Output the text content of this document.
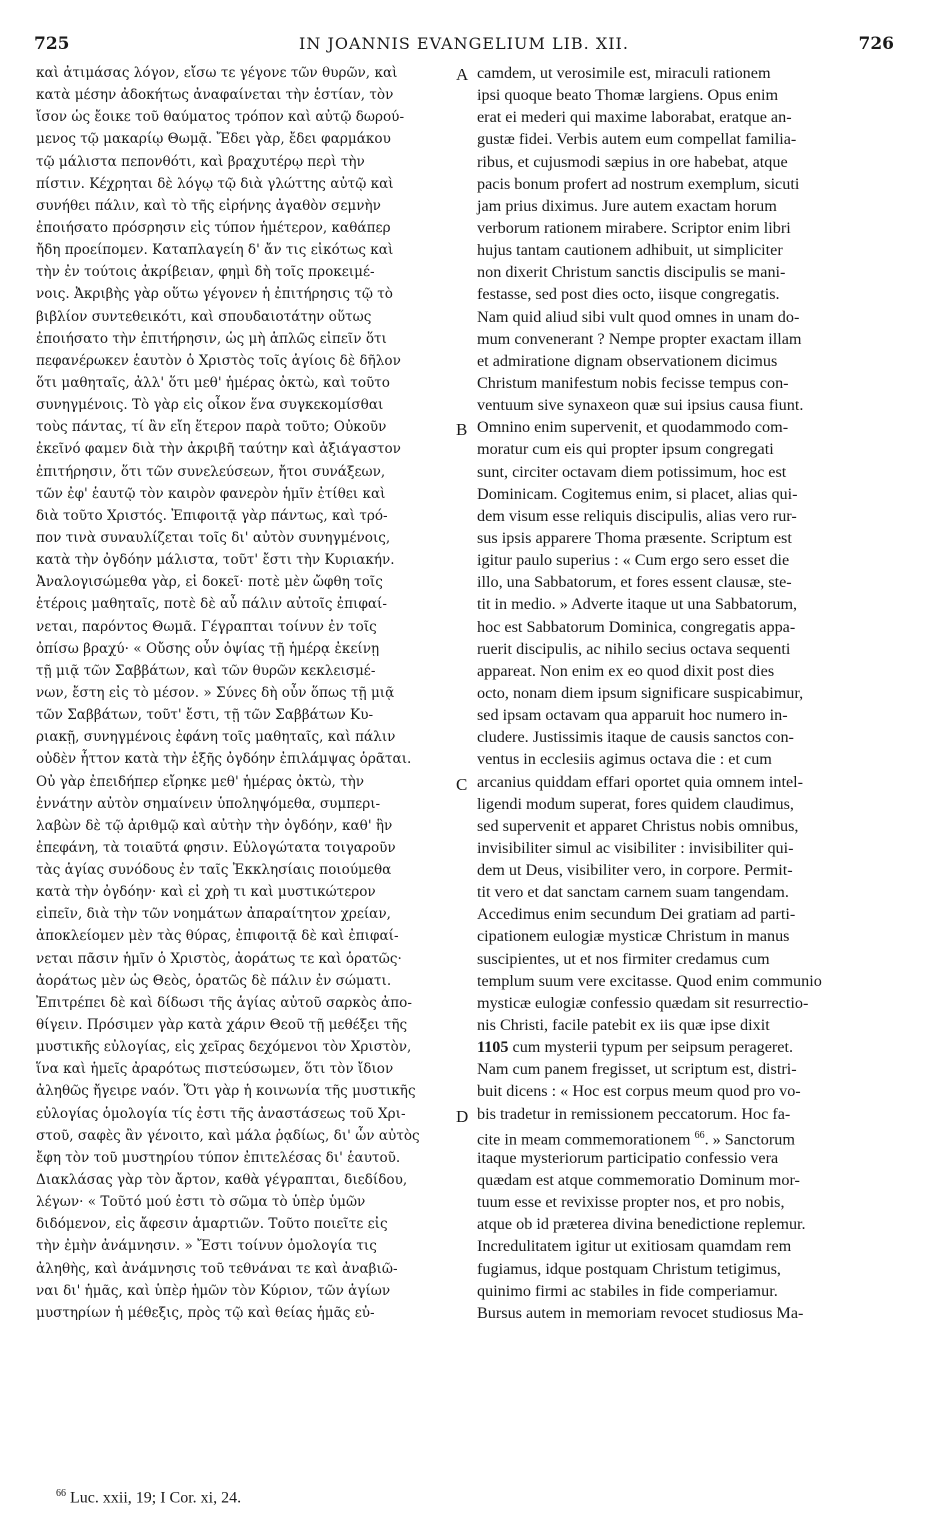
725	IN JOANNIS EVANGELIUM LIB. XII.	726
καὶ ἀτιμάσας λόγον, εἴσω τε γέγονε τῶν θυρῶν, καὶ
κατὰ μέσην ἀδοκήτως ἀναφαίνεται τὴν ἑστίαν, τὸν
ἴσον ὡς ἔοικε τοῦ θαύματος τρόπον καὶ αὐτῷ δωρού-
μενος τῷ μακαρίῳ Θωμᾷ. Ἔδει γὰρ, ἔδει φαρμάκου
τῷ μάλιστα πεπονθότι, καὶ βραχυτέρῳ περὶ τὴν
πίστιν. Κέχρηται δὲ λόγῳ τῷ διὰ γλώττης αὐτῷ καὶ
συνήθει πάλιν, καὶ τὸ τῆς εἰρήνης ἀγαθὸν σεμνὴν
ἐποιήσατο πρόσρησιν εἰς τύπον ἡμέτερον, καθάπερ
ἤδη προείπομεν. Καταπλαγείη δ' ἄν τις εἰκότως καὶ
τὴν ἐν τούτοις ἀκρίβειαν, φημὶ δὴ τοῖς προκειμέ-
νοις. Ἀκριβὴς γὰρ οὕτω γέγονεν ἡ ἐπιτήρησις τῷ τὸ
βιβλίον συντεθεικότι, καὶ σπουδαιοτάτην οὕτως
ἐποιήσατο τὴν ἐπιτήρησιν, ὡς μὴ ἁπλῶς εἰπεῖν ὅτι
πεφανέρωκεν ἑαυτὸν ὁ Χριστὸς τοῖς ἁγίοις δὲ δῆλον
ὅτι μαθηταῖς, ἀλλ' ὅτι μεθ' ἡμέρας ὀκτὼ, καὶ τοῦτο
συνηγμένοις. Τὸ γὰρ εἰς οἶκον ἕνα συγκεκομίσθαι
τοὺς πάντας, τί ἂν εἴη ἕτερον παρὰ τοῦτο; Οὐκοῦν
ἐκεῖνό φαμεν διὰ τὴν ἀκριβῆ ταύτην καὶ ἀξιάγαστον
ἐπιτήρησιν, ὅτι τῶν συνελεύσεων, ἤτοι συνάξεων,
τῶν ἐφ' ἑαυτῷ τὸν καιρὸν φανερὸν ἡμῖν ἐτίθει καὶ
διὰ τοῦτο Χριστός. Ἐπιφοιτᾷ γὰρ πάντως, καὶ τρό-
πον τινὰ συναυλίζεται τοῖς δι' αὐτὸν συνηγμένοις,
κατὰ τὴν ὀγδόην μάλιστα, τοῦτ' ἔστι τὴν Κυριακήν.
Ἀναλογισώμεθα γὰρ, εἰ δοκεῖ· ποτὲ μὲν ὤφθη τοῖς
ἑτέροις μαθηταῖς, ποτὲ δὲ αὖ πάλιν αὐτοῖς ἐπιφαί-
νεται, παρόντος Θωμᾶ. Γέγραπται τοίνυν ἐν τοῖς
ὀπίσω βραχύ· « Οὔσης οὖν ὀψίας τῇ ἡμέρᾳ ἐκείνῃ
τῇ μιᾷ τῶν Σαββάτων, καὶ τῶν θυρῶν κεκλεισμέ-
νων, ἔστη εἰς τὸ μέσον. » Σύνες δὴ οὖν ὅπως τῇ μιᾷ
τῶν Σαββάτων, τοῦτ' ἔστι, τῇ τῶν Σαββάτων Κυ-
ριακῇ, συνηγμένοις ἐφάνη τοῖς μαθηταῖς, καὶ πάλιν
οὐδὲν ἧττον κατὰ τὴν ἑξῆς ὀγδόην ἐπιλάμψας ὁρᾶται.
Οὐ γὰρ ἐπειδήπερ εἴρηκε μεθ' ἡμέρας ὀκτὼ, τὴν
ἐννάτην αὐτὸν σημαίνειν ὑποληψόμεθα, συμπερι-
λαβὼν δὲ τῷ ἀριθμῷ καὶ αὐτὴν τὴν ὀγδόην, καθ' ἣν
ἐπεφάνη, τὰ τοιαῦτά φησιν. Εὐλογώτατα τοιγαροῦν
τὰς ἁγίας συνόδους ἐν ταῖς Ἐκκλησίαις ποιούμεθα
κατὰ τὴν ὀγδόην· καὶ εἰ χρὴ τι καὶ μυστικώτερον
εἰπεῖν, διὰ τὴν τῶν νοημάτων ἀπαραίτητον χρείαν,
ἀποκλείομεν μὲν τὰς θύρας, ἐπιφοιτᾷ δὲ καὶ ἐπιφαί-
νεται πᾶσιν ἡμῖν ὁ Χριστὸς, ἀοράτως τε καὶ ὁρατῶς·
ἀοράτως μὲν ὡς Θεὸς, ὁρατῶς δὲ πάλιν ἐν σώματι.
Ἐπιτρέπει δὲ καὶ δίδωσι τῆς ἁγίας αὐτοῦ σαρκὸς ἀπο-
θίγειν. Πρόσιμεν γὰρ κατὰ χάριν Θεοῦ τῇ μεθέξει τῆς
μυστικῆς εὐλογίας, εἰς χεῖρας δεχόμενοι τὸν Χριστὸν,
ἵνα καὶ ἡμεῖς ἀραρότως πιστεύσωμεν, ὅτι τὸν ἴδιον
ἀληθῶς ἤγειρε ναόν. Ὅτι γὰρ ἡ κοινωνία τῆς μυστικῆς
εὐλογίας ὁμολογία τίς ἐστι τῆς ἀναστάσεως τοῦ Χρι-
στοῦ, σαφὲς ἂν γένοιτο, καὶ μάλα ῥᾳδίως, δι' ὧν αὐτὸς
ἔφη τὸν τοῦ μυστηρίου τύπον ἐπιτελέσας δι' ἑαυτοῦ.
Διακλάσας γὰρ τὸν ἄρτον, καθὰ γέγραπται, διεδίδου,
λέγων· « Τοῦτό μού ἐστι τὸ σῶμα τὸ ὑπὲρ ὑμῶν
διδόμενον, εἰς ἄφεσιν ἁμαρτιῶν. Τοῦτο ποιεῖτε εἰς
τὴν ἐμὴν ἀνάμνησιν. » Ἔστι τοίνυν ὁμολογία τις
ἀληθὴς, καὶ ἀνάμνησις τοῦ τεθνάναι τε καὶ ἀναβιῶ-
ναι δι' ἡμᾶς, καὶ ὑπὲρ ἡμῶν τὸν Κύριον, τῶν ἁγίων
μυστηρίων ἡ μέθεξις, πρὸς τῷ καὶ θείας ἡμᾶς εὐ-
camdem, ut verosimile est, miraculi rationem
ipsi quoque beato Thomæ largiens. Opus enim
erat ei mederi qui maxime laborabat, eratque an-
gustæ fidei. Verbis autem eum compellat familia-
ribus, et cujusmodi sæpius in ore habebat, atque
pacis bonum profert ad nostrum exemplum, sicuti
jam prius diximus. Jure autem exactam horum
verborum rationem mirabere. Scriptor enim libri
hujus tantam cautionem adhibuit, ut simpliciter
non dixerit Christum sanctis discipulis se mani-
festasse, sed post dies octo, iisque congregatis.
Nam quid aliud sibi vult quod omnes in unam do-
mum convenerant ? Nempe propter exactam illam
et admiratione dignam observationem dicimus
Christum manifestum nobis fecisse tempus con-
ventuum sive synaxeon quæ sui ipsius causa fiunt.
Omnino enim supervenit, et quodammodo com-
moratur cum eis qui propter ipsum congregati
sunt, circiter octavam diem potissimum, hoc est
Dominicam. Cogitemus enim, si placet, alias qui-
dem visum esse reliquis discipulis, alias vero rur-
sus ipsis apparere Thoma præsente. Scriptum est
igitur paulo superius : « Cum ergo sero esset die
illo, una Sabbatorum, et fores essent clausæ, ste-
tit in medio. » Adverte itaque ut una Sabbatorum,
hoc est Sabbatorum Dominica, congregatis appa-
ruerit discipulis, ac nihilo secius octava sequenti
appareat. Non enim ex eo quod dixit post dies
octo, nonam diem ipsum significare suspicabimur,
sed ipsam octavam qua apparuit hoc numero in-
cludere. Justissimis itaque de causis sanctos con-
ventus in ecclesiis agimus octava die : et cum
arcanius quiddam effari oportet quia omnem intel-
ligendi modum superat, fores quidem claudimus,
sed supervenit et apparet Christus nobis omnibus,
invisibiliter simul ac visibiliter : invisibiliter qui-
dem ut Deus, visibiliter vero, in corpore. Permit-
tit vero et dat sanctam carnem suam tangendam.
Accedimus enim secundum Dei gratiam ad parti-
cipationem eulogiæ mysticæ Christum in manus
suscipientes, ut et nos firmiter credamus cum
templum suum vere excitasse. Quod enim communio
mysticæ eulogiæ confessio quædam sit resurrectio-
nis Christi, facile patebit ex iis quæ ipse dixit
1105 cum mysterii typum per seipsum perageret.
Nam cum panem fregisset, ut scriptum est, distri-
buit dicens : « Hoc est corpus meum quod pro vo-
bis tradetur in remissionem peccatorum. Hoc fa-
cite in meam commemorationem $^{66}$. » Sanctorum
itaque mysteriorum participatio confessio vera
quædam est atque commemoratio Dominum mor-
tuum esse et revixisse propter nos, et pro nobis,
atque ob id præterea divina benedictione replemur.
Incredulitatem igitur ut exitiosam quamdam rem
fugiamus, idque postquam Christum tetigimus,
quinimo firmi ac stabiles in fide comperiamur.
Bursus autem in memoriam revocet studiosus Ma-
A
B
C
D
$^{66}$ Luc. xxii, 19; I Cor. xi, 24.
